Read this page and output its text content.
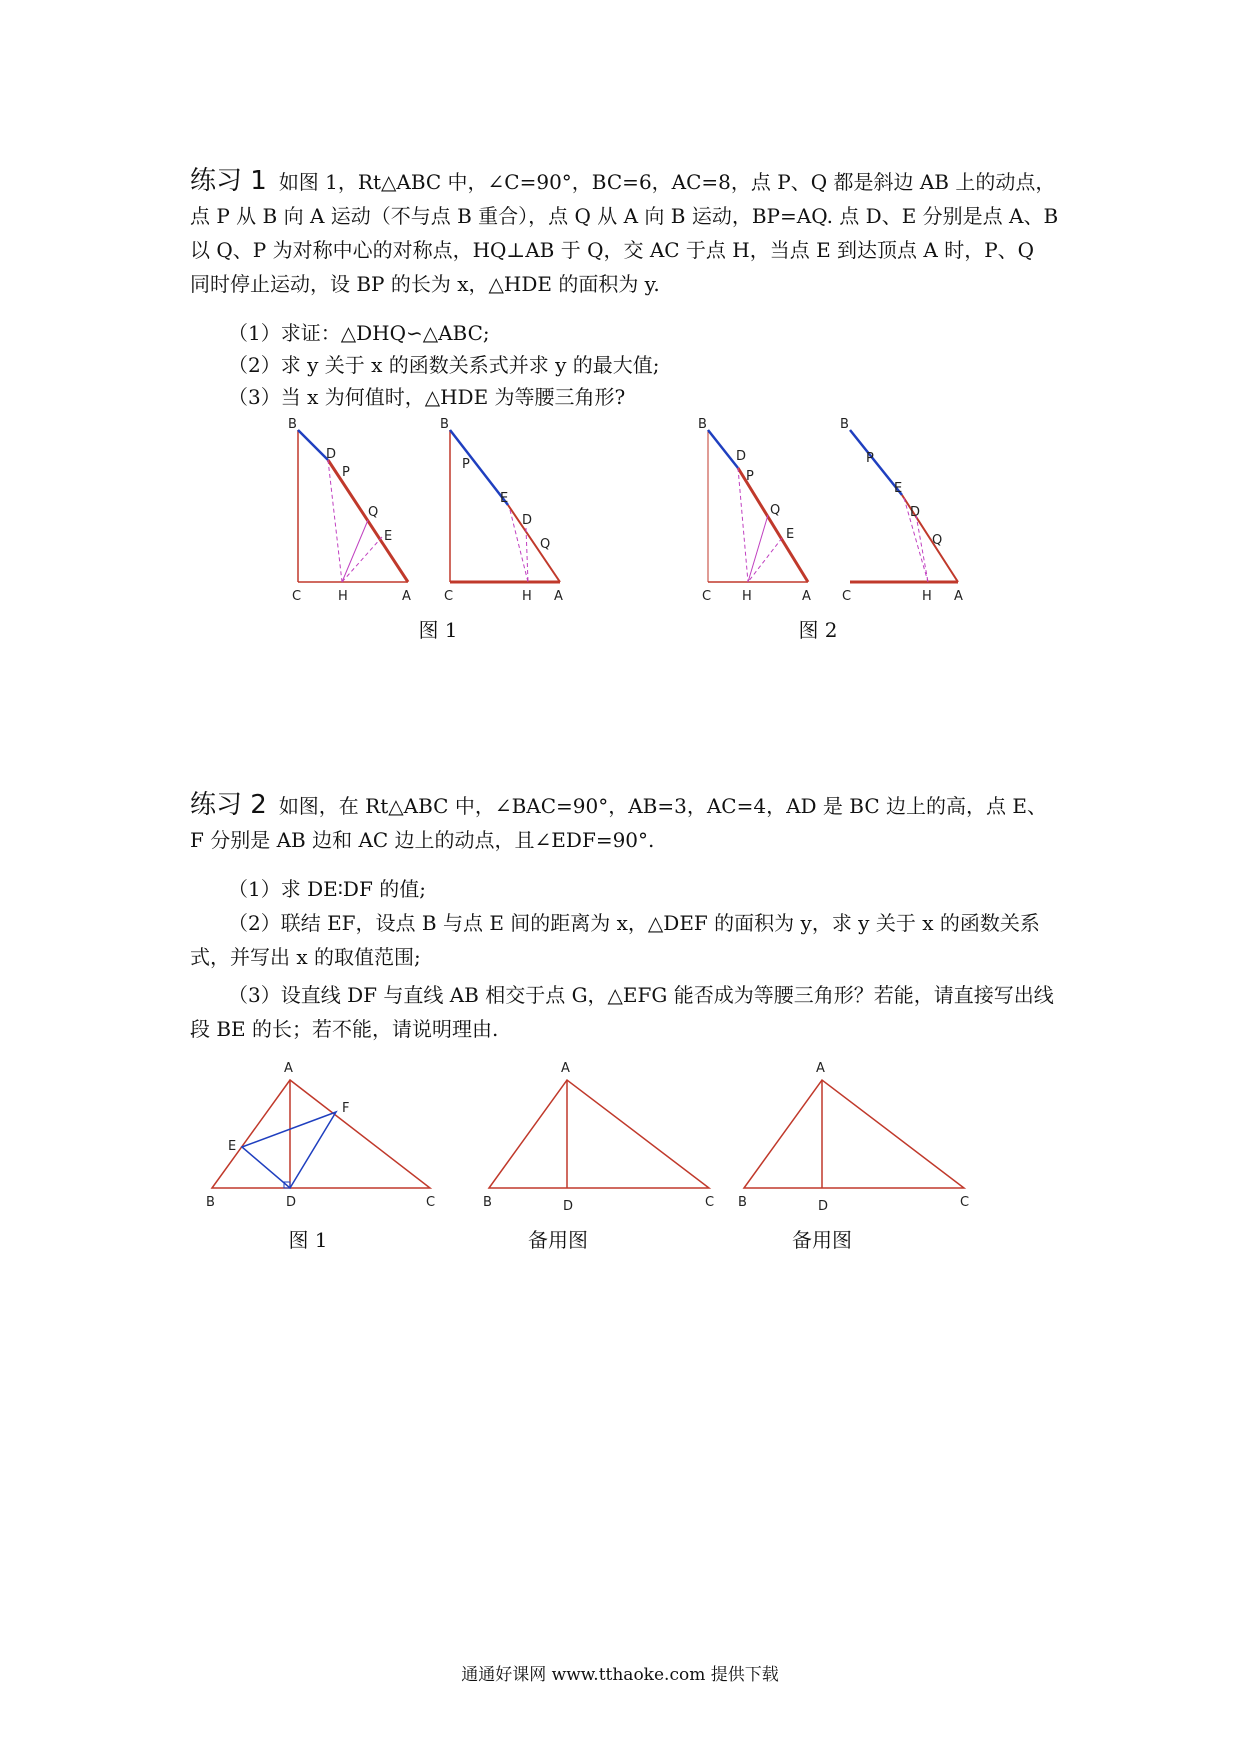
练习 1 如图 1，Rt△ABC 中，∠C=90°，BC=6，AC=8，点 P、Q 都是斜边 AB 上的动点，点 P 从 B 向 A 运动（不与点 B 重合），点 Q 从 A 向 B 运动，BP=AQ. 点 D、E 分别是点 A、B 以 Q、P 为对称中心的对称点，HQ⊥AB 于 Q，交 AC 于点 H，当点 E 到达顶点 A 时，P、Q 同时停止运动，设 BP 的长为 x，△HDE 的面积为 y.
（1）求证：△DHQ∽△ABC;
（2）求 y 关于 x 的函数关系式并求 y 的最大值;
（3）当 x 为何值时，△HDE 为等腰三角形?
B
D
P
Q
E
C	H	A
B
P
E
D
Q
C	H A
B
D
P
Q
E
C H	A
B
P
E
D
Q
C	H A
图 1	图 2
练习 2 如图，在 Rt△ABC 中，∠BAC=90°，AB=3，AC=4，AD 是 BC 边上的高，点 E、F 分别是 AB 边和 AC 边上的动点，且∠EDF=90°.
（1）求 DE∶DF 的值;
（2）联结 EF，设点 B 与点 E 间的距离为 x，△DEF 的面积为 y，求 y 关于 x 的函数关系式，并写出 x 的取值范围;
（3）设直线 DF 与直线 AB 相交于点 G，△EFG 能否成为等腰三角形？若能，请直接写出线段 BE 的长；若不能，请说明理由.
A
F
E
B	D	C
A
B	D	C
A
B	D	C
图 1	备用图	备用图
通通好课网 www.tthaoke.com 提供下载
